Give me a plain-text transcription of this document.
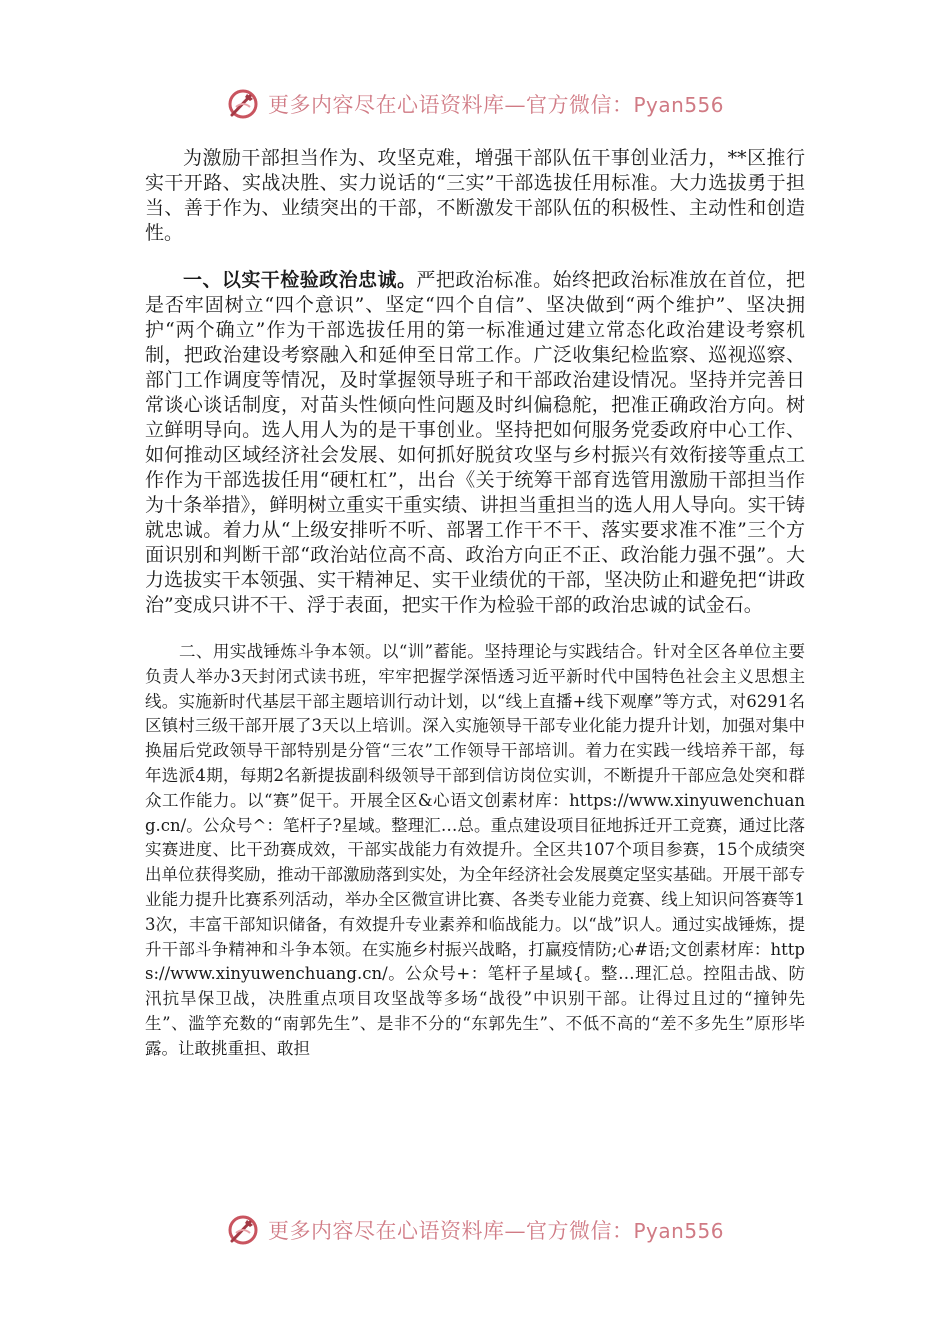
更多内容尽在心语资料库—官方微信：Pyan556

为激励干部担当作为、攻坚克难，增强干部队伍干事创业活力，**区推行实干开路、实战决胜、实力说话的“三实”干部选拔任用标准。大力选拔勇于担当、善于作为、业绩突出的干部，不断激发干部队伍的积极性、主动性和创造性。

一、以实干检验政治忠诚。严把政治标准。始终把政治标准放在首位，把是否牢固树立“四个意识”、坚定“四个自信”、坚决做到“两个维护”、坚决拥护“两个确立”作为干部选拔任用的第一标准通过建立常态化政治建设考察机制，把政治建设考察融入和延伸至日常工作。广泛收集纪检监察、巡视巡察、部门工作调度等情况，及时掌握领导班子和干部政治建设情况。坚持并完善日常谈心谈话制度，对苗头性倾向性问题及时纠偏稳舵，把准正确政治方向。树立鲜明导向。选人用人为的是干事创业。坚持把如何服务党委政府中心工作、如何推动区域经济社会发展、如何抓好脱贫攻坚与乡村振兴有效衔接等重点工作作为干部选拔任用“硬杠杠”，出台《关于统筹干部育选管用激励干部担当作为十条举措》，鲜明树立重实干重实绩、讲担当重担当的选人用人导向。实干铸就忠诚。着力从“上级安排听不听、部署工作干不干、落实要求准不准”三个方面识别和判断干部“政治站位高不高、政治方向正不正、政治能力强不强”。大力选拔实干本领强、实干精神足、实干业绩优的干部，坚决防止和避免把“讲政治”变成只讲不干、浮于表面，把实干作为检验干部的政治忠诚的试金石。

二、用实战锤炼斗争本领。以“训”蓄能。坚持理论与实践结合。针对全区各单位主要负责人举办3天封闭式读书班，牢牢把握学深悟透习近平新时代中国特色社会主义思想主线。实施新时代基层干部主题培训行动计划，以“线上直播+线下观摩”等方式，对6291名区镇村三级干部开展了3天以上培训。深入实施领导干部专业化能力提升计划，加强对集中换届后党政领导干部特别是分管“三农”工作领导干部培训。着力在实践一线培养干部，每年选派4期，每期2名新提拔副科级领导干部到信访岗位实训，不断提升干部应急处突和群众工作能力。以“赛”促干。开展全区&心语文创素材库：https://www.xinyuwenchuang.cn/。公众号^：笔杆子?星域。整理汇…总。重点建设项目征地拆迁开工竞赛，通过比落实赛进度、比干劲赛成效，干部实战能力有效提升。全区共107个项目参赛，15个成绩突出单位获得奖励，推动干部激励落到实处，为全年经济社会发展奠定坚实基础。开展干部专业能力提升比赛系列活动，举办全区微宣讲比赛、各类专业能力竞赛、线上知识问答赛等13次，丰富干部知识储备，有效提升专业素养和临战能力。以“战”识人。通过实战锤炼，提升干部斗争精神和斗争本领。在实施乡村振兴战略，打赢疫情防;心#语;文创素材库：https://www.xinyuwenchuang.cn/。公众号+：笔杆子星域{。整…理汇总。控阻击战、防汛抗旱保卫战，决胜重点项目攻坚战等多场“战役”中识别干部。让得过且过的“撞钟先生”、滥竽充数的“南郭先生”、是非不分的“东郭先生”、不低不高的“差不多先生”原形毕露。让敢挑重担、敢担

更多内容尽在心语资料库—官方微信：Pyan556
